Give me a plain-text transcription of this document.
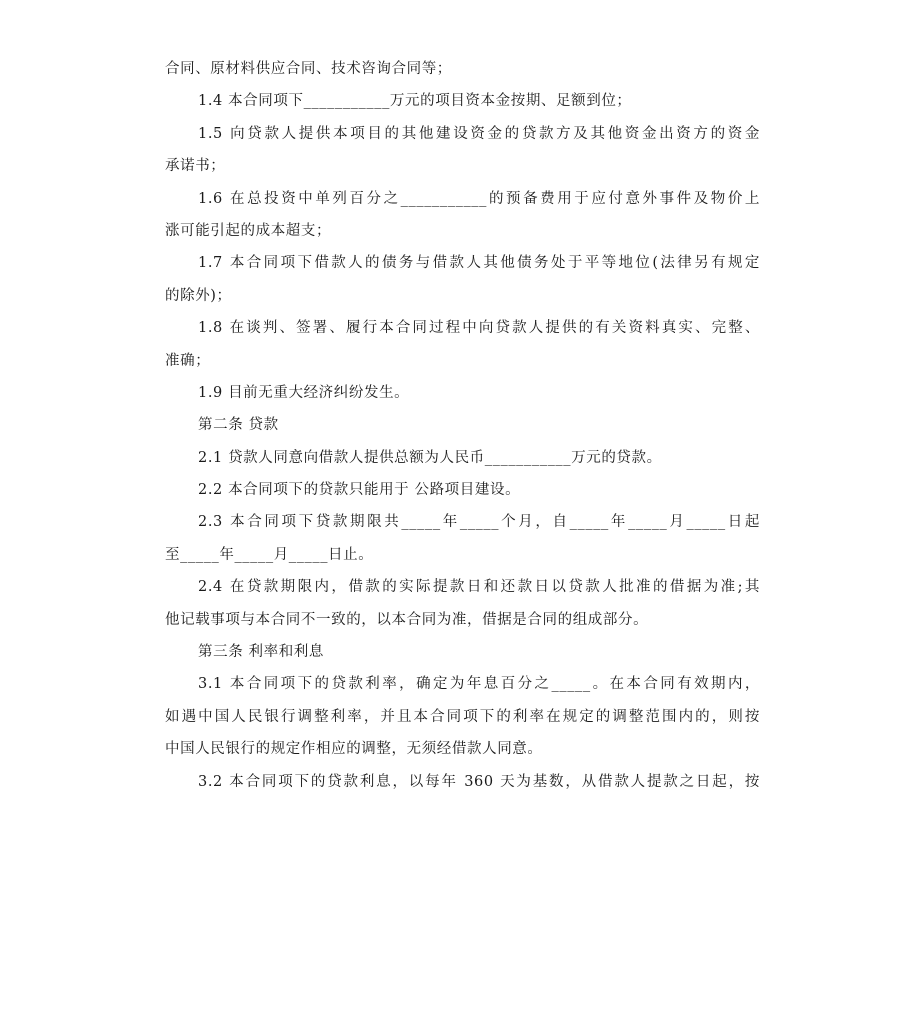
合同、原材料供应合同、技术咨询合同等；
1.4 本合同项下___________万元的项目资本金按期、足额到位；
1.5 向贷款人提供本项目的其他建设资金的贷款方及其他资金出资方的资金
承诺书；
1.6 在总投资中单列百分之___________的预备费用于应付意外事件及物价上
涨可能引起的成本超支；
1.7 本合同项下借款人的债务与借款人其他债务处于平等地位(法律另有规定
的除外)；
1.8 在谈判、签署、履行本合同过程中向贷款人提供的有关资料真实、完整、
准确；
1.9 目前无重大经济纠纷发生。
第二条 贷款
2.1 贷款人同意向借款人提供总额为人民币___________万元的贷款。
2.2 本合同项下的贷款只能用于 公路项目建设。
2.3 本合同项下贷款期限共_____年_____个月，自_____年_____月_____日起
至_____年_____月_____日止。
2.4 在贷款期限内，借款的实际提款日和还款日以贷款人批准的借据为准;其
他记载事项与本合同不一致的，以本合同为准，借据是合同的组成部分。
第三条 利率和利息
3.1 本合同项下的贷款利率，确定为年息百分之_____。在本合同有效期内，
如遇中国人民银行调整利率，并且本合同项下的利率在规定的调整范围内的，则按
中国人民银行的规定作相应的调整，无须经借款人同意。
3.2 本合同项下的贷款利息，以每年 360 天为基数，从借款人提款之日起，按
